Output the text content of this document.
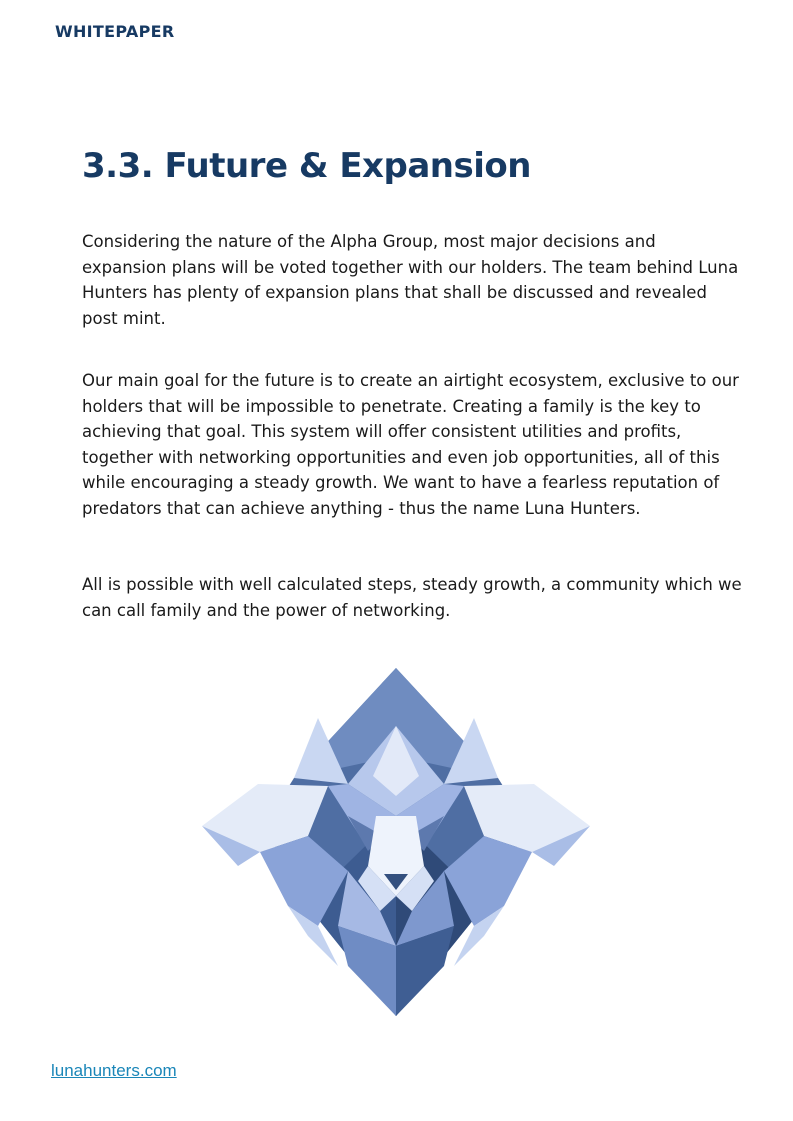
WHITEPAPER
3.3. Future & Expansion

Considering the nature of the Alpha Group, most major decisions and expansion plans will be voted together with our holders. The team behind Luna Hunters has plenty of expansion plans that shall be discussed and revealed post mint.

Our main goal for the future is to create an airtight ecosystem, exclusive to our holders that will be impossible to penetrate. Creating a family is the key to achieving that goal. This system will offer consistent utilities and profits, together with networking opportunities and even job opportunities, all of this while encouraging a steady growth. We want to have a fearless reputation of predators that can achieve anything - thus the name Luna Hunters.

All is possible with well calculated steps, steady growth, a community which we can call family and the power of networking.

lunahunters.com
